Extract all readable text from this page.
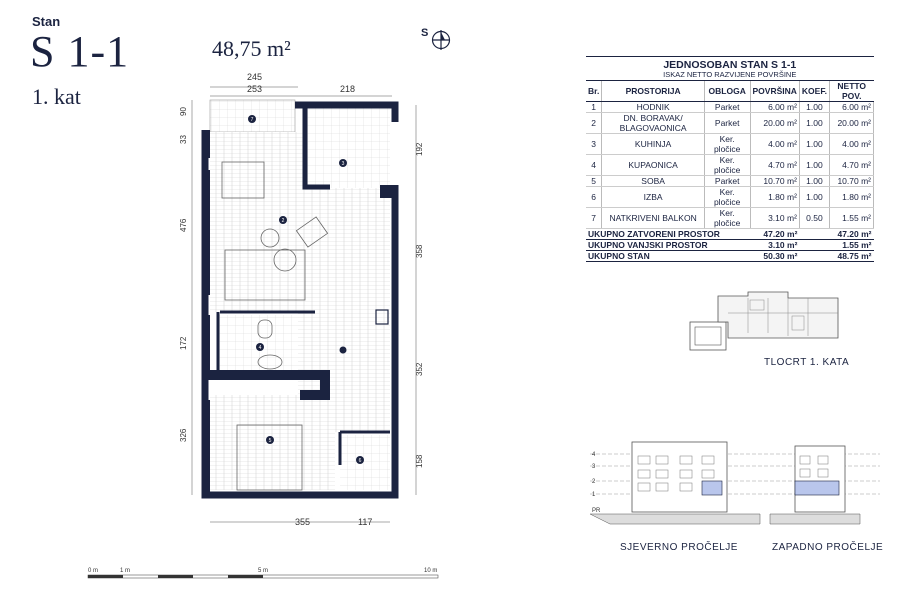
Stan
S 1-1
1. kat
48,75 m²
S
7
3
2
4
5
6
245
253	218
355	117
90
33
476
172
326
192
358
352
158
JEDNOSOBAN STAN S 1-1					
ISKAZ NETTO RAZVIJENE POVRŠINE					
Br.	PROSTORIJA	OBLOGA	POVRŠINA	KOEF.	NETTO POV.
1	HODNIK	Parket	6.00 m²	1.00	6.00 m²
2	DN. BORAVAK/ BLAGOVAONICA	Parket	20.00 m²	1.00	20.00 m²
3	KUHINJA	Ker. pločice	4.00 m²	1.00	4.00 m²
4	KUPAONICA	Ker. pločice	4.70 m²	1.00	4.70 m²
5	SOBA	Parket	10.70 m²	1.00	10.70 m²
6	IZBA	Ker. pločice	1.80 m²	1.00	1.80 m²
7	NATKRIVENI BALKON	Ker. pločice	3.10 m²	0.50	1.55 m²
UKUPNO ZATVORENI PROSTOR			47.20 m²		47.20 m²
UKUPNO VANJSKI PROSTOR			3.10 m²		1.55 m²
UKUPNO STAN			50.30 m²		48.75 m²
TLOCRT 1. KATA
4
3
2
1
PR
SJEVERNO PROČELJE	ZAPADNO PROČELJE
0 m	1 m	5 m	10 m
